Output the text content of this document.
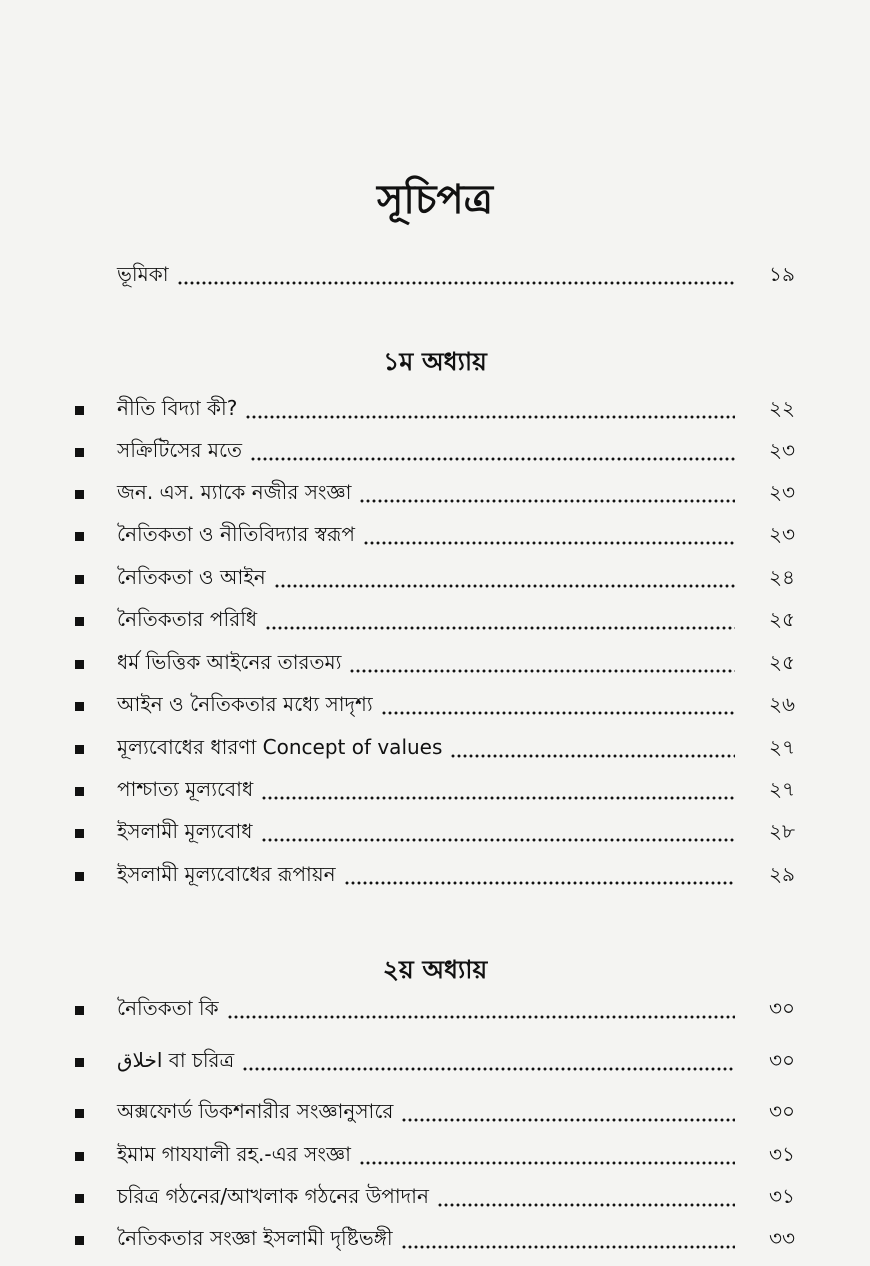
সূচিপত্র
ভূমিকা	১৯
১ম অধ্যায়
নীতি বিদ্যা কী?	২২
সক্রিটিসের মতে	২৩
জন. এস. ম্যাকে নজীর সংজ্ঞা	২৩
নৈতিকতা ও নীতিবিদ্যার স্বরূপ	২৩
নৈতিকতা ও আইন	২৪
নৈতিকতার পরিধি	২৫
ধর্ম ভিত্তিক আইনের তারতম্য	২৫
আইন ও নৈতিকতার মধ্যে সাদৃশ্য	২৬
মূল্যবোধের ধারণা Concept of values	২৭
পাশ্চাত্য মূল্যবোধ	২৭
ইসলামী মূল্যবোধ	২৮
ইসলামী মূল্যবোধের রূপায়ন	২৯
২য় অধ্যায়
নৈতিকতা কি	৩০
اخلاق বা চরিত্র	৩০
অক্সফোর্ড ডিকশনারীর সংজ্ঞানুসারে	৩০
ইমাম গাযযালী রহ.-এর সংজ্ঞা	৩১
চরিত্র গঠনের/আখলাক গঠনের উপাদান	৩১
নৈতিকতার সংজ্ঞা ইসলামী দৃষ্টিভঙ্গী	৩৩
